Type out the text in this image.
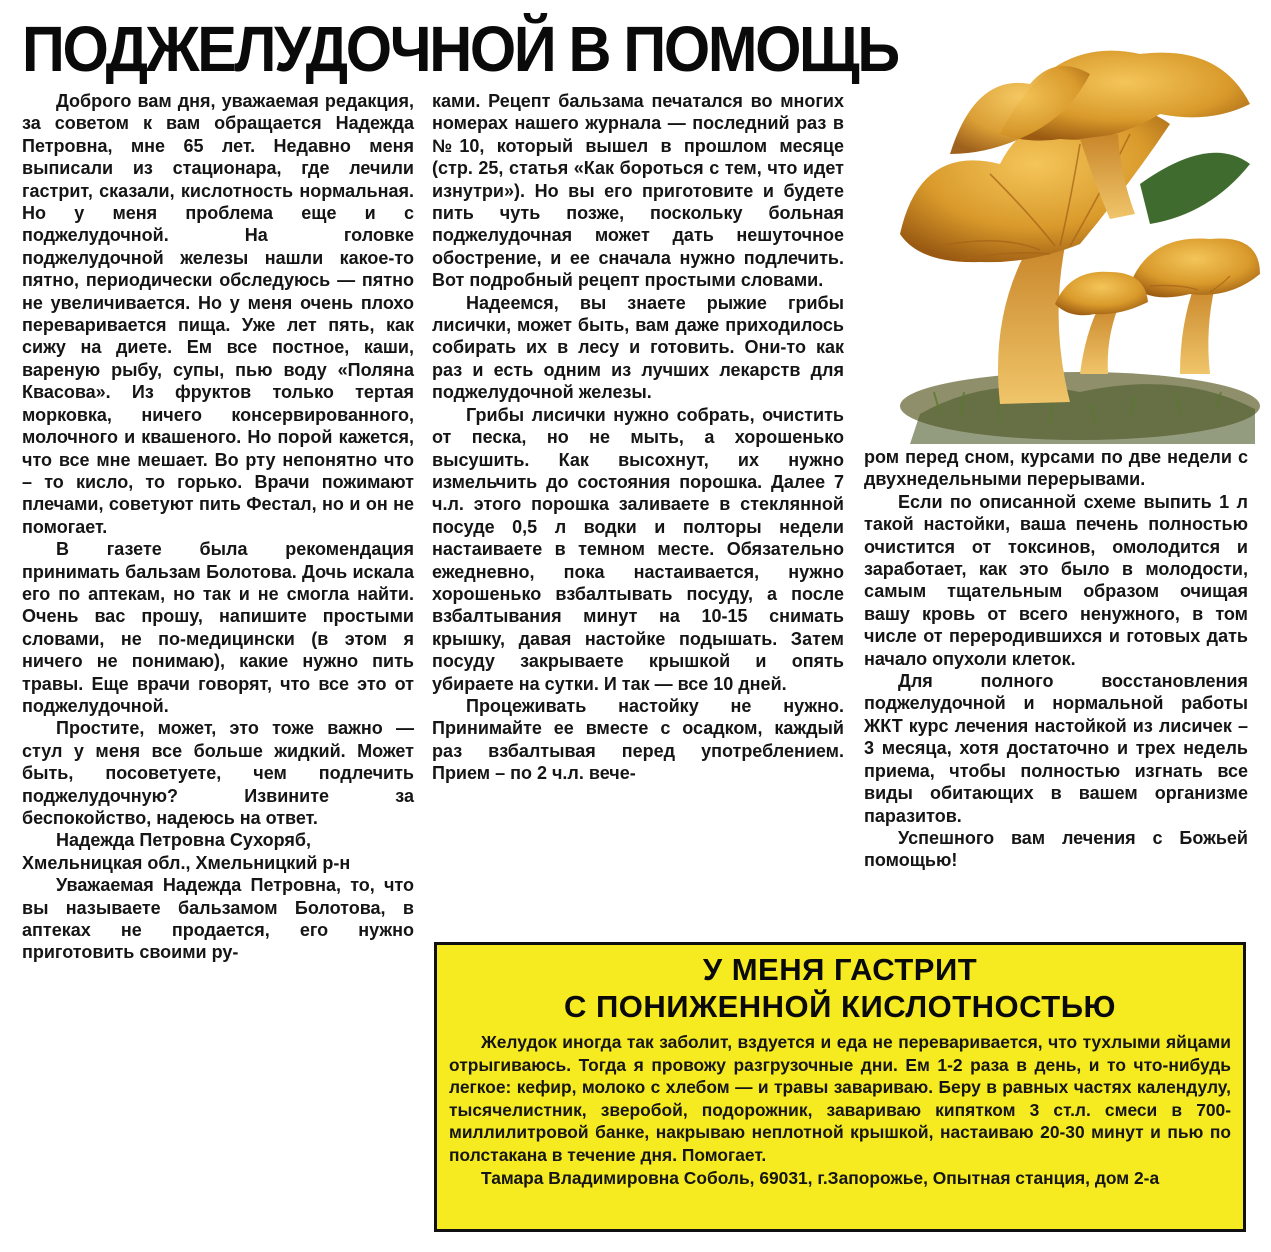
ПОДЖЕЛУДОЧНОЙ В ПОМОЩЬ

Доброго вам дня, уважаемая редакция, за советом к вам обращается Надежда Петровна, мне 65 лет. Недавно меня выписали из стационара, где лечили гастрит, сказали, кислотность нормальная. Но у меня проблема еще и с поджелудочной. На головке поджелудочной железы нашли какое-то пятно, периодически обследуюсь — пятно не увеличивается. Но у меня очень плохо переваривается пища. Уже лет пять, как сижу на диете. Ем все постное, каши, вареную рыбу, супы, пью воду «Поляна Квасова». Из фруктов только тертая морковка, ничего консервированного, молочного и квашеного. Но порой кажется, что все мне мешает. Во рту непонятно что – то кисло, то горько. Врачи пожимают плечами, советуют пить Фестал, но и он не помогает.

В газете была рекомендация принимать бальзам Болотова. Дочь искала его по аптекам, но так и не смогла найти. Очень вас прошу, напишите простыми словами, не по-медицински (в этом я ничего не понимаю), какие нужно пить травы. Еще врачи говорят, что все это от поджелудочной.

Простите, может, это тоже важно — стул у меня все больше жидкий. Может быть, посоветуете, чем подлечить поджелудочную? Извините за беспокойство, надеюсь на ответ.

Надежда Петровна Сухоряб,

Хмельницкая обл., Хмельницкий р-н

Уважаемая Надежда Петровна, то, что вы называете бальзамом Болотова, в аптеках не продается, его нужно приготовить своими ру-

ками. Рецепт бальзама печатался во многих номерах нашего журнала — последний раз в №10, который вышел в прошлом месяце (стр. 25, статья «Как бороться с тем, что идет изнутри»). Но вы его приготовите и будете пить чуть позже, поскольку больная поджелудочная может дать нешуточное обострение, и ее сначала нужно подлечить. Вот подробный рецепт простыми словами.

Надеемся, вы знаете рыжие грибы лисички, может быть, вам даже приходилось собирать их в лесу и готовить. Они-то как раз и есть одним из лучших лекарств для поджелудочной железы.

Грибы лисички нужно собрать, очистить от песка, но не мыть, а хорошенько высушить. Как высохнут, их нужно измельчить до состояния порошка. Далее 7 ч.л. этого порошка заливаете в стеклянной посуде 0,5 л водки и полторы недели настаиваете в темном месте. Обязательно ежедневно, пока настаивается, нужно хорошенько взбалтывать посуду, а после взбалтывания минут на 10-15 снимать крышку, давая настойке подышать. Затем посуду закрываете крышкой и опять убираете на сутки. И так — все 10 дней.

Процеживать настойку не нужно. Принимайте ее вместе с осадком, каждый раз взбалтывая перед употреблением. Прием – по 2 ч.л. вече-

ром перед сном, курсами по две недели с двухнедельными перерывами.

Если по описанной схеме выпить 1 л такой настойки, ваша печень полностью очистится от токсинов, омолодится и заработает, как это было в молодости, самым тщательным образом очищая вашу кровь от всего ненужного, в том числе от переродившихся и готовых дать начало опухоли клеток.

Для полного восстановления поджелудочной и нормальной работы ЖКТ курс лечения настойкой из лисичек – 3 месяца, хотя достаточно и трех недель приема, чтобы полностью изгнать все виды обитающих в вашем организме паразитов.

Успешного вам лечения с Божьей помощью!

У МЕНЯ ГАСТРИТ

С ПОНИЖЕННОЙ КИСЛОТНОСТЬЮ

Желудок иногда так заболит, вздуется и еда не переваривается, что тухлыми яйцами отрыгиваюсь. Тогда я провожу разгрузочные дни. Ем 1-2 раза в день, и то что-нибудь легкое: кефир, молоко с хлебом — и травы завариваю. Беру в равных частях календулу, тысячелистник, зверобой, подорожник, завариваю кипятком 3 ст.л. смеси в 700-миллилитровой банке, накрываю неплотной крышкой, настаиваю 20-30 минут и пью по полстакана в течение дня. Помогает.

Тамара Владимировна Соболь, 69031, г.Запорожье, Опытная станция, дом 2-а
